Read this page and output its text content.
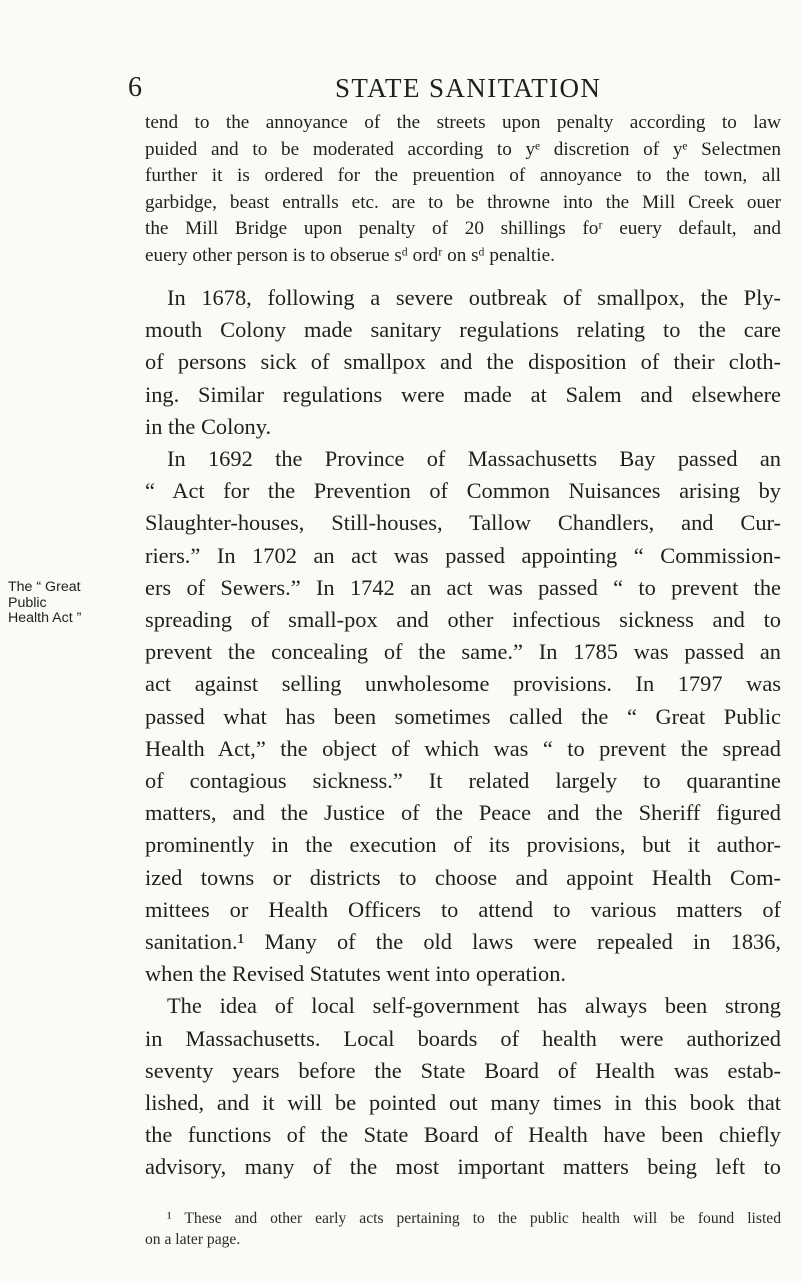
6	STATE SANITATION
tend to the annoyance of the streets upon penalty according to law
puided and to be moderated according to yᵉ discretion of yᵉ Selectmen
further it is ordered for the preuention of annoyance to the town, all
garbidge, beast entralls etc. are to be throwne into the Mill Creek ouer
the Mill Bridge upon penalty of 20 shillings foʳ euery default, and
euery other person is to obserue sᵈ ordʳ on sᵈ penaltie.
The “ Great
Public
Health Act ”
In 1678, following a severe outbreak of smallpox, the Ply-
mouth Colony made sanitary regulations relating to the care
of persons sick of smallpox and the disposition of their cloth-
ing. Similar regulations were made at Salem and elsewhere
in the Colony.
In 1692 the Province of Massachusetts Bay passed an
“ Act for the Prevention of Common Nuisances arising by
Slaughter-houses, Still-houses, Tallow Chandlers, and Cur-
riers.” In 1702 an act was passed appointing “ Commission-
ers of Sewers.” In 1742 an act was passed “ to prevent the
spreading of small-pox and other infectious sickness and to
prevent the concealing of the same.” In 1785 was passed an
act against selling unwholesome provisions. In 1797 was
passed what has been sometimes called the “ Great Public
Health Act,” the object of which was “ to prevent the spread
of contagious sickness.” It related largely to quarantine
matters, and the Justice of the Peace and the Sheriff figured
prominently in the execution of its provisions, but it author-
ized towns or districts to choose and appoint Health Com-
mittees or Health Officers to attend to various matters of
sanitation.¹ Many of the old laws were repealed in 1836,
when the Revised Statutes went into operation.
The idea of local self-government has always been strong
in Massachusetts. Local boards of health were authorized
seventy years before the State Board of Health was estab-
lished, and it will be pointed out many times in this book that
the functions of the State Board of Health have been chiefly
advisory, many of the most important matters being left to
¹ These and other early acts pertaining to the public health will be found listed
on a later page.
